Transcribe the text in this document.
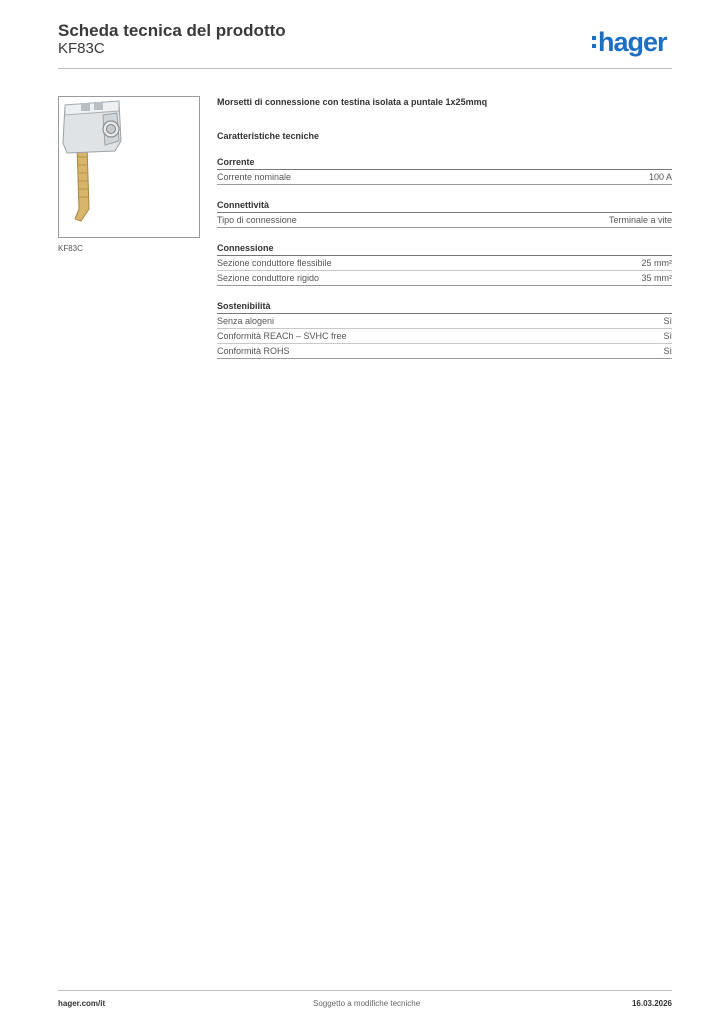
Scheda tecnica del prodotto
KF83C	hager
KF83C
Morsetti di connessione con testina isolata a puntale 1x25mmq
Caratteristiche tecniche
Corrente
Corrente nominale	100 A
Connettività
Tipo di connessione	Terminale a vite
Connessione
Sezione conduttore flessibile	25 mm²
Sezione conduttore rigido	35 mm²
Sostenibilità
Senza alogeni	Sì
Conformità REACh – SVHC free	Sì
Conformità ROHS	Sì
hager.com/it	Soggetto a modifiche tecniche	16.03.2026
